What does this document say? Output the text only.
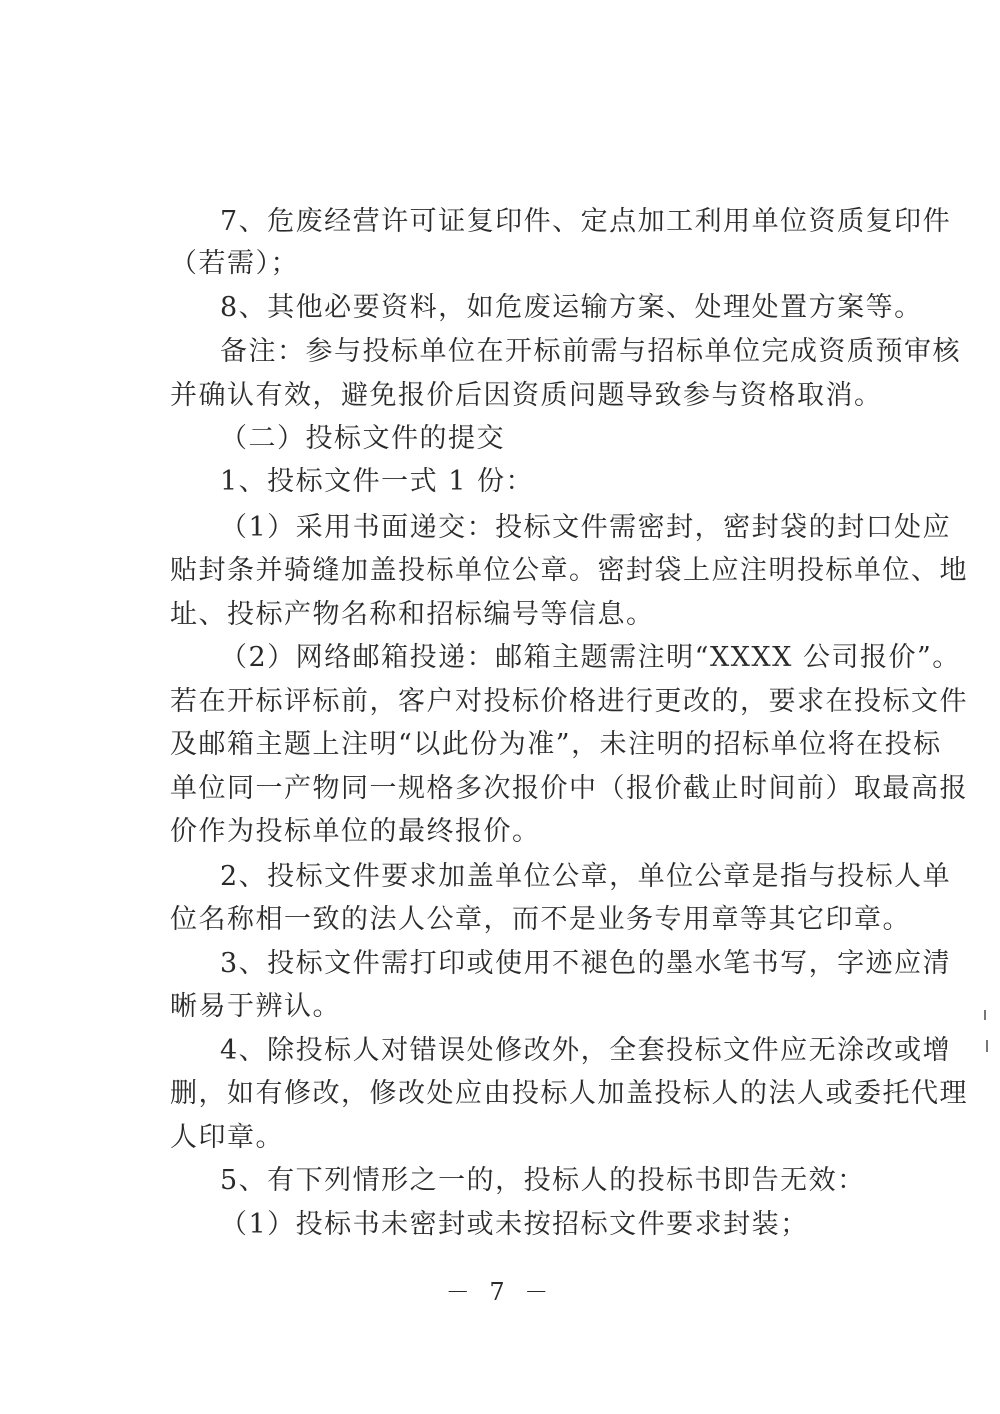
7、危废经营许可证复印件、定点加工利用单位资质复印件
（若需）；
8、其他必要资料，如危废运输方案、处理处置方案等。
备注：参与投标单位在开标前需与招标单位完成资质预审核
并确认有效，避免报价后因资质问题导致参与资格取消。
（二）投标文件的提交
1、投标文件一式 1 份：
（1）采用书面递交：投标文件需密封，密封袋的封口处应
贴封条并骑缝加盖投标单位公章。密封袋上应注明投标单位、地
址、投标产物名称和招标编号等信息。
（2）网络邮箱投递：邮箱主题需注明“XXXX 公司报价”。
若在开标评标前，客户对投标价格进行更改的，要求在投标文件
及邮箱主题上注明“以此份为准”，未注明的招标单位将在投标
单位同一产物同一规格多次报价中（报价截止时间前）取最高报
价作为投标单位的最终报价。
2、投标文件要求加盖单位公章，单位公章是指与投标人单
位名称相一致的法人公章，而不是业务专用章等其它印章。
3、投标文件需打印或使用不褪色的墨水笔书写，字迹应清
晰易于辨认。
4、除投标人对错误处修改外，全套投标文件应无涂改或增
删，如有修改，修改处应由投标人加盖投标人的法人或委托代理
人印章。
5、有下列情形之一的，投标人的投标书即告无效：
（1）投标书未密封或未按招标文件要求封装；
－ 7 －
